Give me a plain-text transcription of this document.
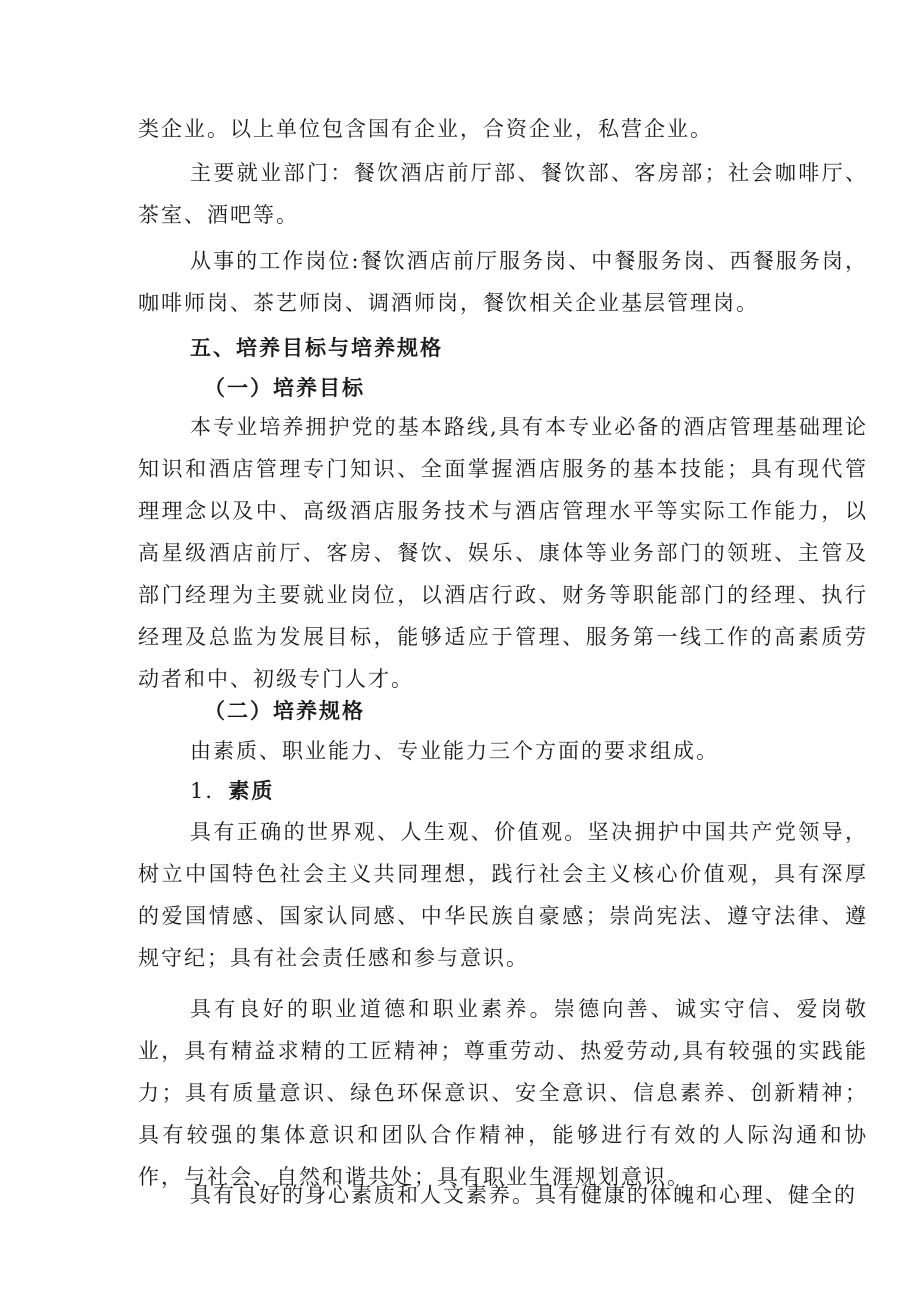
类企业。以上单位包含国有企业，合资企业，私营企业。

主要就业部门：餐饮酒店前厅部、餐饮部、客房部；社会咖啡厅、茶室、酒吧等。

从事的工作岗位:餐饮酒店前厅服务岗、中餐服务岗、西餐服务岗，咖啡师岗、茶艺师岗、调酒师岗，餐饮相关企业基层管理岗。

五、培养目标与培养规格

（一）培养目标

本专业培养拥护党的基本路线,具有本专业必备的酒店管理基础理论知识和酒店管理专门知识、全面掌握酒店服务的基本技能；具有现代管理理念以及中、高级酒店服务技术与酒店管理水平等实际工作能力，以高星级酒店前厅、客房、餐饮、娱乐、康体等业务部门的领班、主管及部门经理为主要就业岗位，以酒店行政、财务等职能部门的经理、执行经理及总监为发展目标，能够适应于管理、服务第一线工作的高素质劳动者和中、初级专门人才。

（二）培养规格

由素质、职业能力、专业能力三个方面的要求组成。

1．素质

具有正确的世界观、人生观、价值观。坚决拥护中国共产党领导，树立中国特色社会主义共同理想，践行社会主义核心价值观，具有深厚的爱国情感、国家认同感、中华民族自豪感；崇尚宪法、遵守法律、遵规守纪；具有社会责任感和参与意识。

具有良好的职业道德和职业素养。崇德向善、诚实守信、爱岗敬业，具有精益求精的工匠精神；尊重劳动、热爱劳动,具有较强的实践能力；具有质量意识、绿色环保意识、安全意识、信息素养、创新精神；具有较强的集体意识和团队合作精神，能够进行有效的人际沟通和协作，与社会、自然和谐共处；具有职业生涯规划意识。

具有良好的身心素质和人文素养。具有健康的体魄和心理、健全的
